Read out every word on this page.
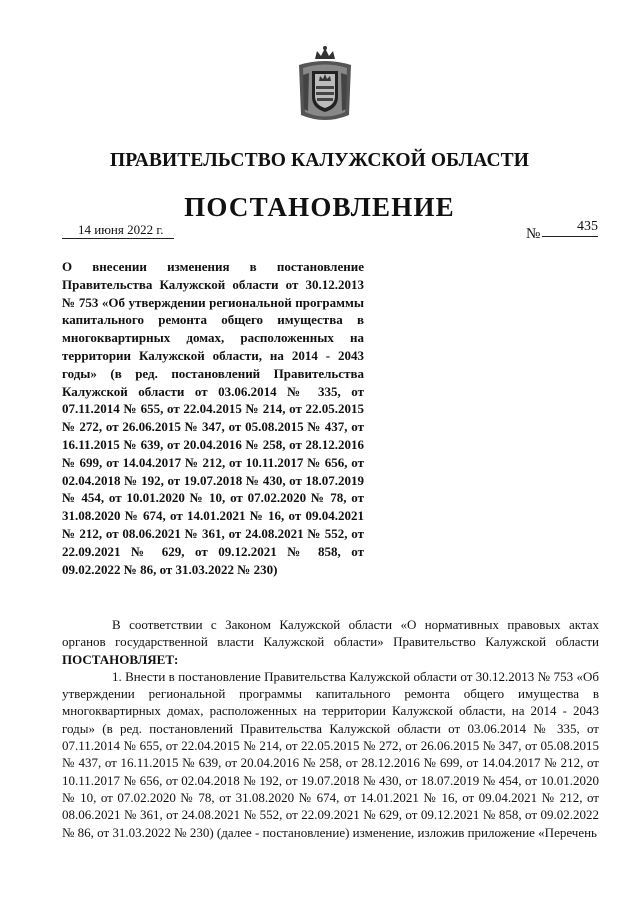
ПРАВИТЕЛЬСТВО КАЛУЖСКОЙ ОБЛАСТИ
ПОСТАНОВЛЕНИЕ
14 июня 2022 г.	№	435
О внесении изменения в постановление Правительства Калужской области от 30.12.2013 № 753 «Об утверждении региональной программы капитального ремонта общего имущества в многоквартирных домах, расположенных на территории Калужской области, на 2014 - 2043 годы» (в ред. постановлений Правительства Калужской области от 03.06.2014 № 335, от 07.11.2014 № 655, от 22.04.2015 № 214, от 22.05.2015 № 272, от 26.06.2015 № 347, от 05.08.2015 № 437, от 16.11.2015 № 639, от 20.04.2016 № 258, от 28.12.2016 № 699, от 14.04.2017 № 212, от 10.11.2017 № 656, от 02.04.2018 № 192, от 19.07.2018 № 430, от 18.07.2019 № 454, от 10.01.2020 № 10, от 07.02.2020 № 78, от 31.08.2020 № 674, от 14.01.2021 № 16, от 09.04.2021 № 212, от 08.06.2021 № 361, от 24.08.2021 № 552, от 22.09.2021 № 629, от 09.12.2021 № 858, от
09.02.2022 № 86, от 31.03.2022 № 230)

В соответствии с Законом Калужской области «О нормативных правовых актах органов государственной власти Калужской области» Правительство Калужской области ПОСТАНОВЛЯЕТ:

1. Внести в постановление Правительства Калужской области от 30.12.2013 № 753 «Об утверждении региональной программы капитального ремонта общего имущества в многоквартирных домах, расположенных на территории Калужской области, на 2014 - 2043 годы» (в ред. постановлений Правительства Калужской области от 03.06.2014 № 335, от 07.11.2014 № 655, от 22.04.2015 № 214, от 22.05.2015 № 272, от 26.06.2015 № 347, от 05.08.2015 № 437, от 16.11.2015 № 639, от 20.04.2016 № 258, от 28.12.2016 № 699, от 14.04.2017 № 212, от 10.11.2017 № 656, от 02.04.2018 № 192, от 19.07.2018 № 430, от 18.07.2019 № 454, от 10.01.2020 № 10, от 07.02.2020 № 78, от 31.08.2020 № 674, от 14.01.2021 № 16, от 09.04.2021 № 212, от 08.06.2021 № 361, от 24.08.2021 № 552, от 22.09.2021 № 629, от 09.12.2021 № 858, от 09.02.2022 № 86, от 31.03.2022 № 230) (далее - постановление) изменение, изложив приложение «Перечень
